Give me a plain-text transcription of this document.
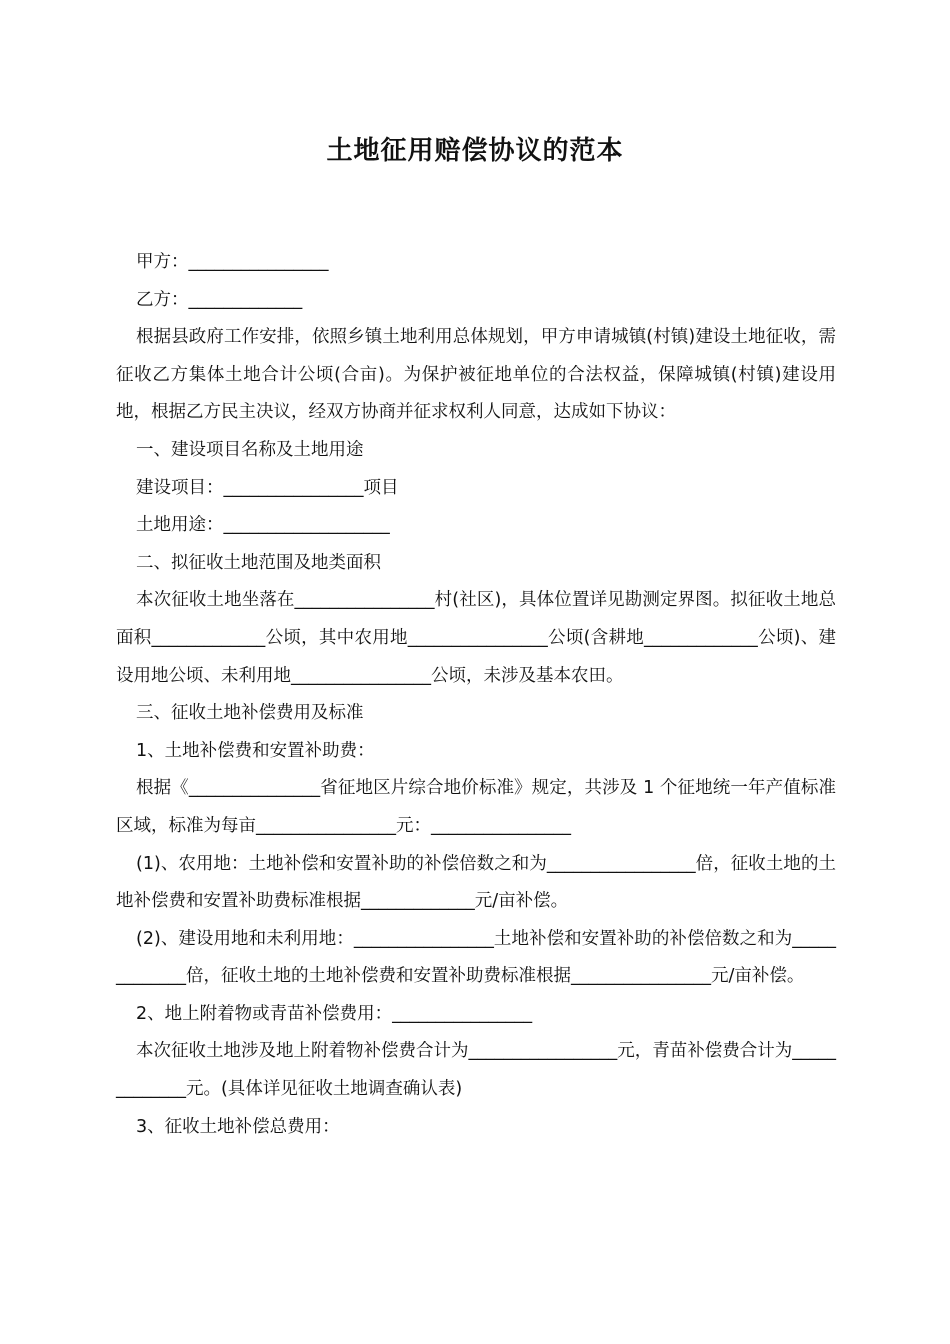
土地征用赔偿协议的范本

甲方：________________

乙方：_____________

根据县政府工作安排，依照乡镇土地利用总体规划，甲方申请城镇(村镇)建设土地征收，需征收乙方集体土地合计公顷(合亩)。为保护被征地单位的合法权益，保障城镇(村镇)建设用地，根据乙方民主决议，经双方协商并征求权利人同意，达成如下协议：

一、建设项目名称及土地用途

建设项目：________________项目

土地用途：___________________

二、拟征收土地范围及地类面积

本次征收土地坐落在________________村(社区)，具体位置详见勘测定界图。拟征收土地总面积_____________公顷，其中农用地________________公顷(含耕地_____________公顷)、建设用地公顷、未利用地________________公顷，未涉及基本农田。

三、征收土地补偿费用及标准

1、土地补偿费和安置补助费：

根据《_______________省征地区片综合地价标准》规定，共涉及 1 个征地统一年产值标准区域，标准为每亩________________元：________________

(1)、农用地：土地补偿和安置补助的补偿倍数之和为_________________倍，征收土地的土地补偿费和安置补助费标准根据_____________元/亩补偿。

(2)、建设用地和未利用地：________________土地补偿和安置补助的补偿倍数之和为_____________倍，征收土地的土地补偿费和安置补助费标准根据________________元/亩补偿。

2、地上附着物或青苗补偿费用：________________

本次征收土地涉及地上附着物补偿费合计为_________________元，青苗补偿费合计为_____________元。(具体详见征收土地调查确认表)

3、征收土地补偿总费用：
